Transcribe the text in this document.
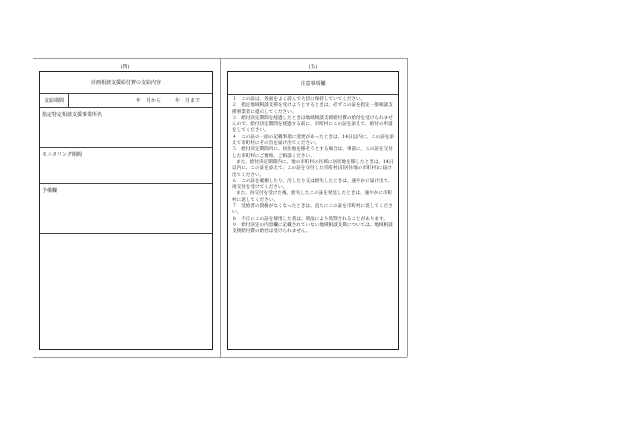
(四)	(五)
計画相談支援給付費の支給内容
支給期間	年　月から	年　月まで
指定特定相談支援事業所名
モニタリング期間
予備欄
注意事項欄

１　この証は、各面をよく読んで大切に保持していてください。

２　指定地域相談支援を受けようとするときは、必ずこの証を指定一般相談支援事業者に提示してください。

３　給付決定期間を経過したときは地域相談支援給付費の給付を受けられませんので、給付決定期間を経過する前に、市町村にこの証を添えて、給付の申請をしてください。

４　この証の一面の記載事項に変更があったときは、14日以内に、この証を添えて市町村にその旨を届け出てください。

５　給付決定期間内に、居住地を移そうとする場合は、事前に、この証を交付した市町村にご連絡、ご相談ください。

また、給付決定期間内に、他の市町村の区域に居住地を移したときは、14日以内に、この証を添えて、この証を交付した市町村(旧居住地の市町村)に届け出てください。

６　この証を破損したり、汚したり又は紛失したときは、速やかに届け出て、再交付を受けてください。

また、再交付を受けた後、紛失したこの証を発見したときは、速やかに市町村に返してください。

７　受給者の資格がなくなったときは、直ちにこの証を市町村に返してください。

８　不正にこの証を使用した者は、刑法により処罰されることがあります。

９　給付決定の内容欄に記載されていない地域相談支援については、地域相談支援給付費の給付は受けられません。
